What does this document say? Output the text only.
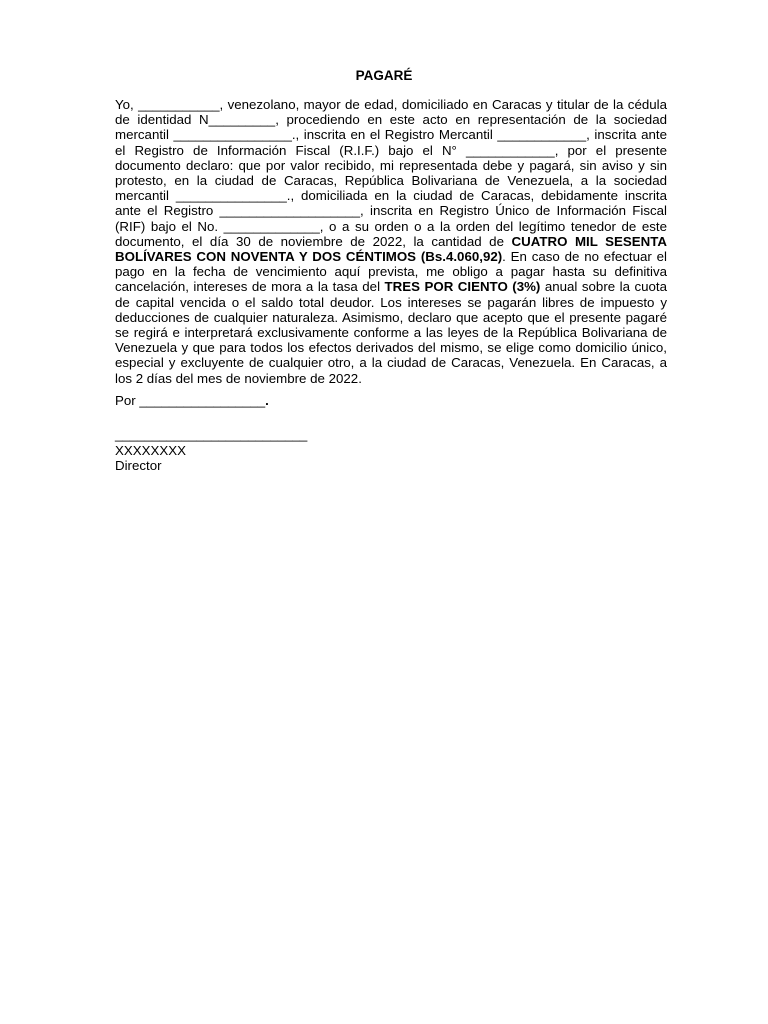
PAGARÉ

Yo, ___________, venezolano, mayor de edad, domiciliado en Caracas y titular de la cédula de identidad N_________, procediendo en este acto en representación de la sociedad mercantil ________________., inscrita en el Registro Mercantil ____________, inscrita ante el Registro de Información Fiscal (R.I.F.) bajo el N° ____________, por el presente documento declaro: que por valor recibido, mi representada debe y pagará, sin aviso y sin protesto, en la ciudad de Caracas, República Bolivariana de Venezuela, a la sociedad mercantil _______________., domiciliada en la ciudad de Caracas, debidamente inscrita ante el Registro ___________________, inscrita en Registro Único de Información Fiscal (RIF) bajo el No. _____________, o a su orden o a la orden del legítimo tenedor de este documento, el día 30 de noviembre de 2022, la cantidad de CUATRO MIL SESENTA BOLÍVARES CON NOVENTA Y DOS CÉNTIMOS (Bs.4.060,92). En caso de no efectuar el pago en la fecha de vencimiento aquí prevista, me obligo a pagar hasta su definitiva cancelación, intereses de mora a la tasa del TRES POR CIENTO (3%) anual sobre la cuota de capital vencida o el saldo total deudor. Los intereses se pagarán libres de impuesto y deducciones de cualquier naturaleza. Asimismo, declaro que acepto que el presente pagaré se regirá e interpretará exclusivamente conforme a las leyes de la República Bolivariana de Venezuela y que para todos los efectos derivados del mismo, se elige como domicilio único, especial y excluyente de cualquier otro, a la ciudad de Caracas, Venezuela. En Caracas, a los 2 días del mes de noviembre de 2022.

Por _________________.
__________________________
XXXXXXXX
Director
